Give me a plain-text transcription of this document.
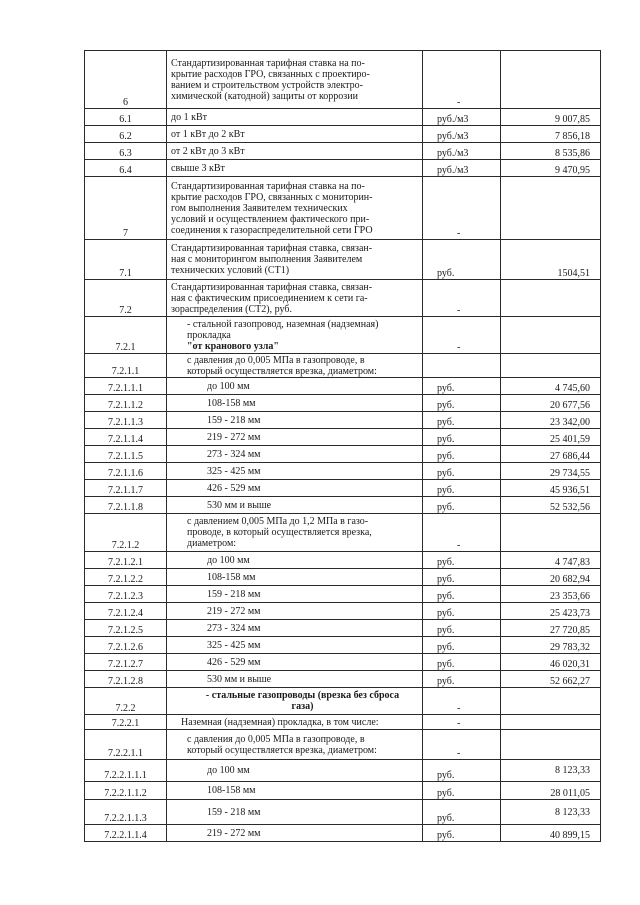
6	Стандартизированная тарифная ставка на по-
крытие расходов ГРО, связанных с проектиро-
ванием и строительством устройств электро-
химической (катодной) защиты от коррозии	-	
6.1	до 1 кВт	руб./м3	9 007,85
6.2	от 1 кВт до 2 кВт	руб./м3	7 856,18
6.3	от 2 кВт до 3 кВт	руб./м3	8 535,86
6.4	свыше 3 кВт	руб./м3	9 470,95
7	Стандартизированная тарифная ставка на по-
крытие расходов ГРО, связанных с мониторин-
гом выполнения Заявителем технических
условий и осуществлением фактического при-
соединения к газораспределительной сети ГРО	-	
7.1	Стандартизированная тарифная ставка, связан-
ная с мониторингом выполнения Заявителем
технических условий (СТ1)	руб.	1504,51
7.2	Стандартизированная тарифная ставка, связан-
ная с фактическим присоединением к сети га-
зораспределения (СТ2), руб.	-	
7.2.1	- стальной газопровод, наземная (надземная)
прокладка
"от кранового узла"	-	
7.2.1.1	с давления до 0,005 МПа в газопроводе, в
который осуществляется врезка, диаметром:		
7.2.1.1.1	до 100 мм	руб.	4 745,60
7.2.1.1.2	108-158 мм	руб.	20 677,56
7.2.1.1.3	159 - 218 мм	руб.	23 342,00
7.2.1.1.4	219 - 272 мм	руб.	25 401,59
7.2.1.1.5	273 - 324 мм	руб.	27 686,44
7.2.1.1.6	325 - 425 мм	руб.	29 734,55
7.2.1.1.7	426 - 529 мм	руб.	45 936,51
7.2.1.1.8	530 мм и выше	руб.	52 532,56
7.2.1.2	с давлением 0,005 МПа до 1,2 МПа в газо-
проводе, в который осуществляется врезка,
диаметром:	-	
7.2.1.2.1	до 100 мм	руб.	4 747,83
7.2.1.2.2	108-158 мм	руб.	20 682,94
7.2.1.2.3	159 - 218 мм	руб.	23 353,66
7.2.1.2.4	219 - 272 мм	руб.	25 423,73
7.2.1.2.5	273 - 324 мм	руб.	27 720,85
7.2.1.2.6	325 - 425 мм	руб.	29 783,32
7.2.1.2.7	426 - 529 мм	руб.	46 020,31
7.2.1.2.8	530 мм и выше	руб.	52 662,27
7.2.2	- стальные газопроводы (врезка без сброса
газа)	-	
7.2.2.1	Наземная (надземная) прокладка, в том числе:	-	
7.2.2.1.1	с давления до 0,005 МПа в газопроводе, в
который осуществляется врезка, диаметром:	-	
7.2.2.1.1.1	до 100 мм	руб.	8 123,33
7.2.2.1.1.2	108-158 мм	руб.	28 011,05
7.2.2.1.1.3	159 - 218 мм	руб.	8 123,33
7.2.2.1.1.4	219 - 272 мм	руб.	40 899,15
